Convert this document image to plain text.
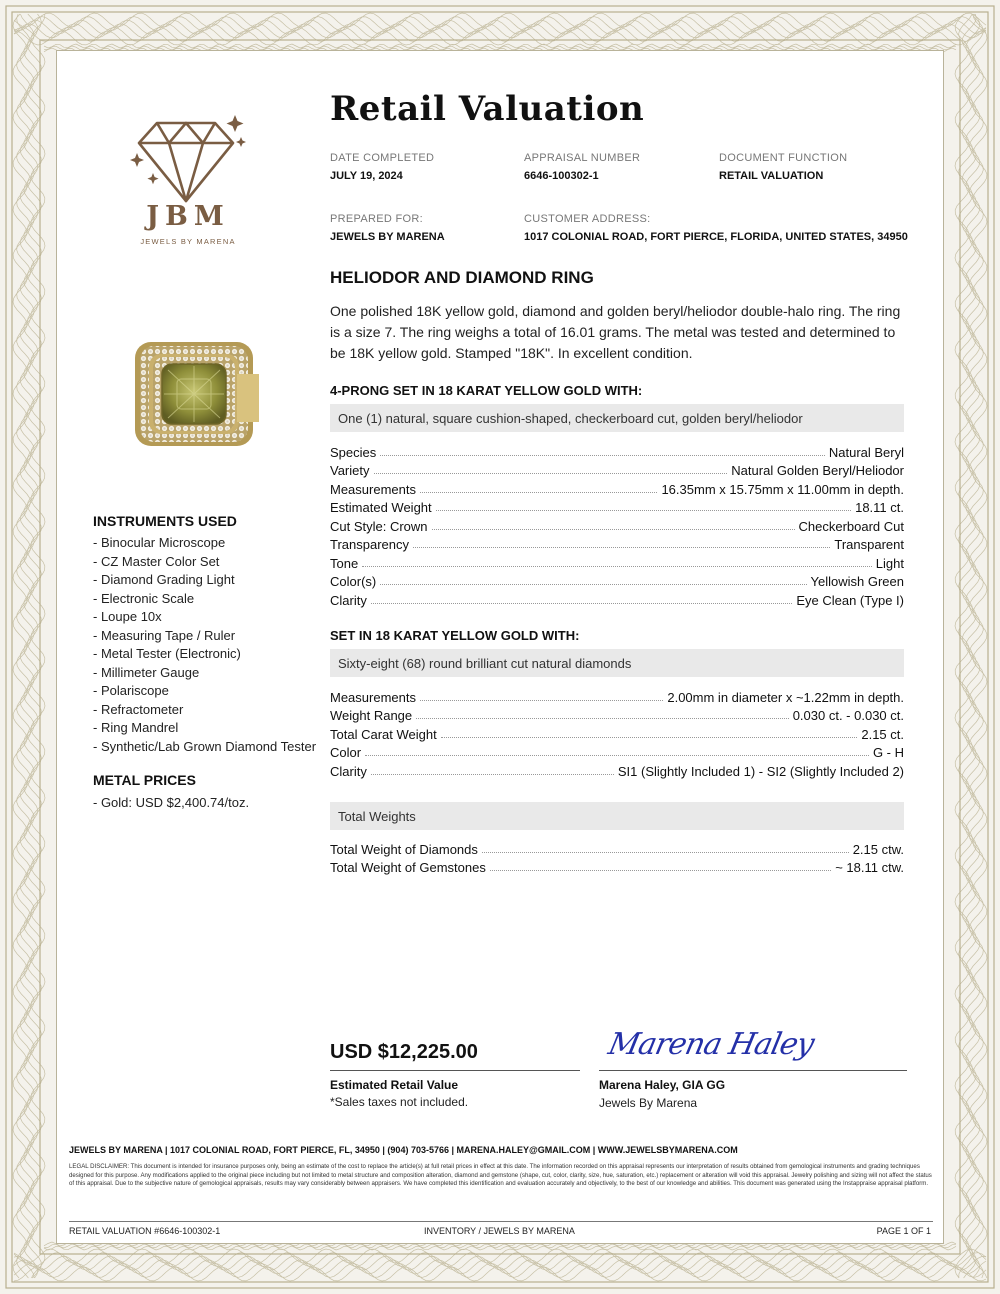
JBM
JEWELS BY MARENA
INSTRUMENTS USED
- Binocular Microscope
- CZ Master Color Set
- Diamond Grading Light
- Electronic Scale
- Loupe 10x
- Measuring Tape / Ruler
- Metal Tester (Electronic)
- Millimeter Gauge
- Polariscope
- Refractometer
- Ring Mandrel
- Synthetic/Lab Grown Diamond Tester
METAL PRICES
- Gold: USD $2,400.74/toz.
Retail Valuation
DATE COMPLETED
JULY 19, 2024
APPRAISAL NUMBER
6646-100302-1
DOCUMENT FUNCTION
RETAIL VALUATION
PREPARED FOR:
JEWELS BY MARENA
CUSTOMER ADDRESS:
1017 COLONIAL ROAD, FORT PIERCE, FLORIDA, UNITED STATES, 34950
HELIODOR AND DIAMOND RING
One polished 18K yellow gold, diamond and golden beryl/heliodor double-halo ring. The ring is a size 7. The ring weighs a total of 16.01 grams. The metal was tested and determined to be 18K yellow gold. Stamped "18K". In excellent condition.
4-PRONG SET IN 18 KARAT YELLOW GOLD WITH:
One (1) natural, square cushion-shaped, checkerboard cut, golden beryl/heliodor
Species	Natural Beryl
Variety	Natural Golden Beryl/Heliodor
Measurements	16.35mm x 15.75mm x 11.00mm in depth.
Estimated Weight	18.11 ct.
Cut Style: Crown	Checkerboard Cut
Transparency	Transparent
Tone	Light
Color(s)	Yellowish Green
Clarity	Eye Clean (Type I)
SET IN 18 KARAT YELLOW GOLD WITH:
Sixty-eight (68) round brilliant cut natural diamonds
Measurements	2.00mm in diameter x ~1.22mm in depth.
Weight Range	0.030 ct. - 0.030 ct.
Total Carat Weight	2.15 ct.
Color	G - H
Clarity	SI1 (Slightly Included 1) - SI2 (Slightly Included 2)
Total Weights
Total Weight of Diamonds	2.15 ctw.
Total Weight of Gemstones	~ 18.11 ctw.
USD $12,225.00
Estimated Retail Value
*Sales taxes not included.
Marena Haley
Marena Haley, GIA GG
Jewels By Marena
JEWELS BY MARENA | 1017 COLONIAL ROAD, FORT PIERCE, FL, 34950 | (904) 703-5766 | MARENA.HALEY@GMAIL.COM | WWW.JEWELSBYMARENA.COM
LEGAL DISCLAIMER: This document is intended for insurance purposes only, being an estimate of the cost to replace the article(s) at full retail prices in effect at this date. The information recorded on this appraisal represents our interpretation of results obtained from gemological instruments and grading techniques designed for this purpose. Any modifications applied to the original piece including but not limited to metal structure and composition alteration, diamond and gemstone (shape, cut, color, clarity, size, hue, saturation, etc.) replacement or alteration will void this appraisal. Jewelry polishing and sizing will not affect the status of this appraisal. Due to the subjective nature of gemological appraisals, results may vary considerably between appraisers. We have completed this identification and evaluation accurately and objectively, to the best of our knowledge and abilities. This document was generated using the Instappraise appraisal platform.
RETAIL VALUATION #6646-100302-1	INVENTORY / JEWELS BY MARENA	PAGE 1 OF 1
